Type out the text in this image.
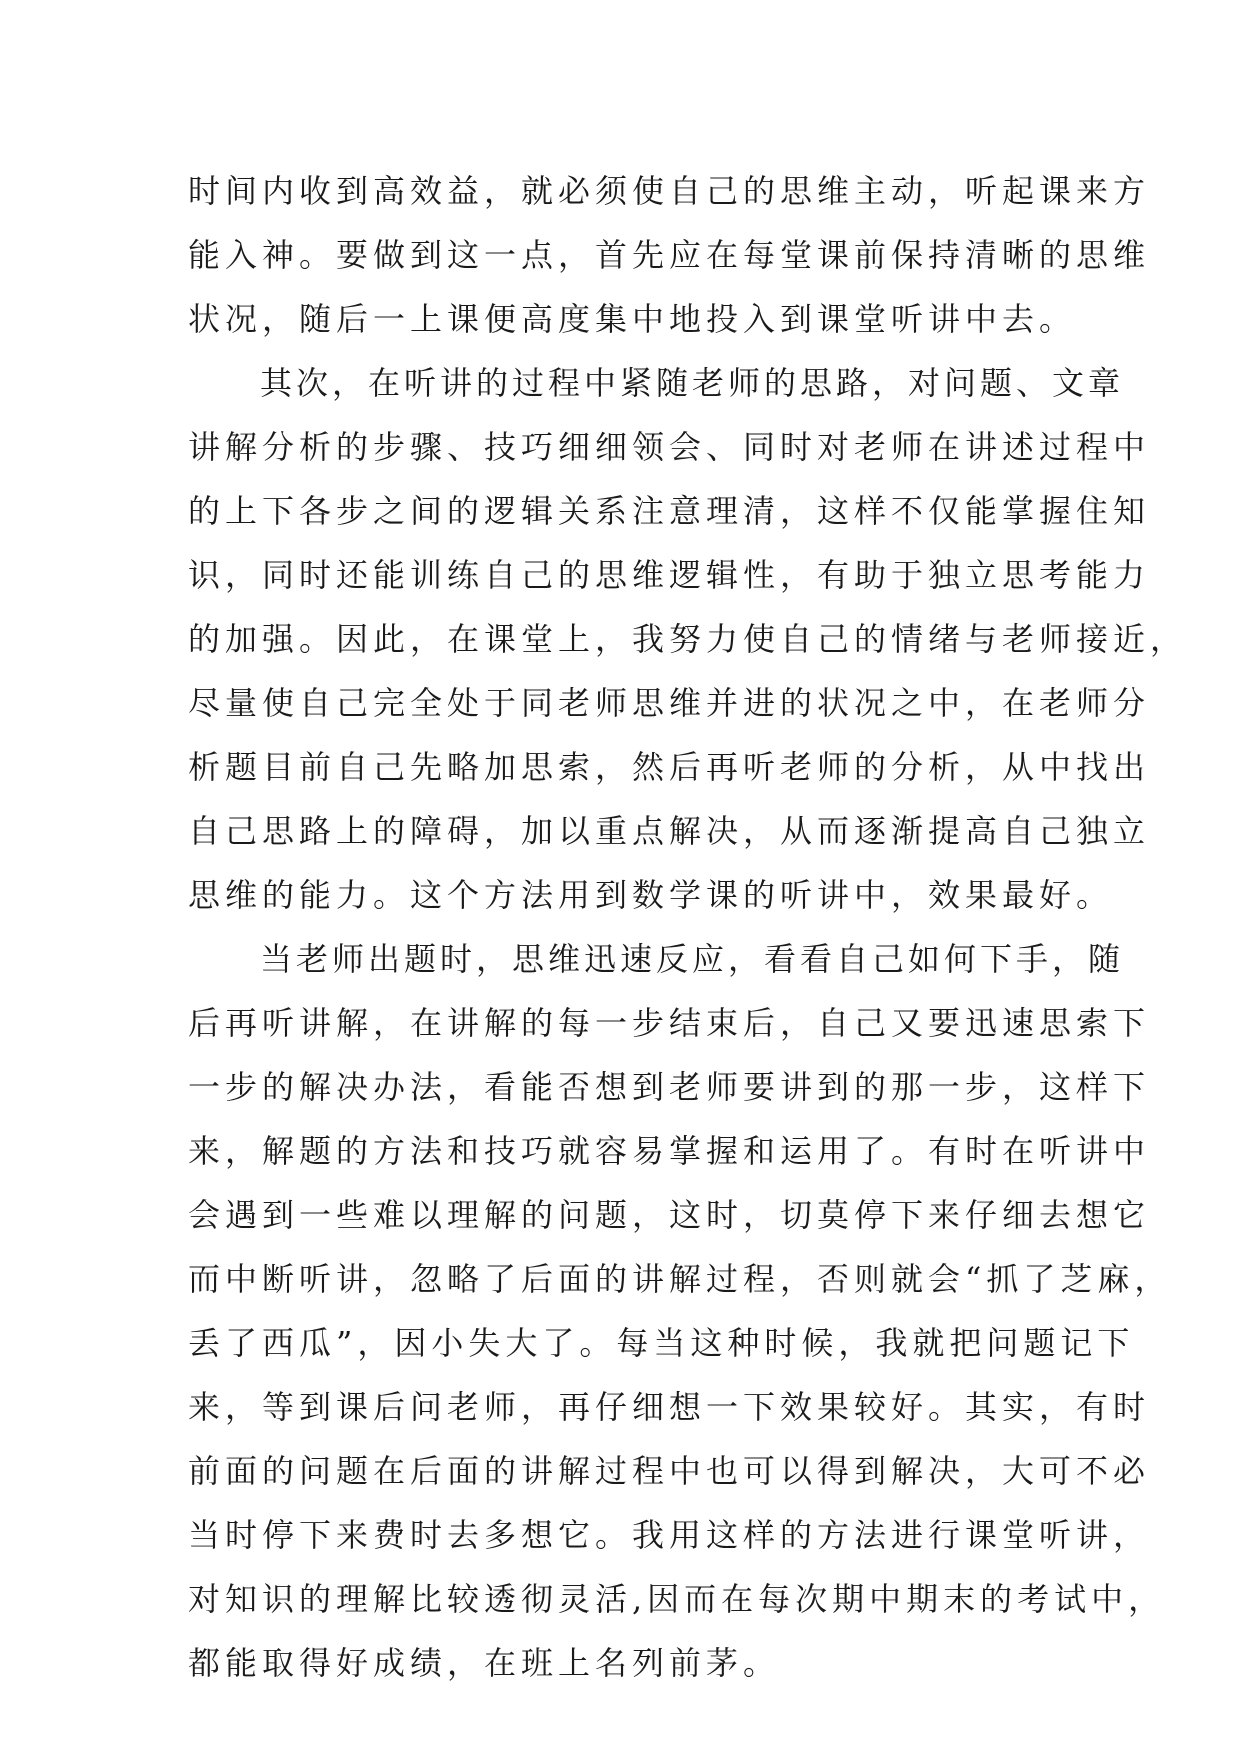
时间内收到高效益，就必须使自己的思维主动，听起课来方
能入神。要做到这一点，首先应在每堂课前保持清晰的思维
状况，随后一上课便高度集中地投入到课堂听讲中去。
　　其次，在听讲的过程中紧随老师的思路，对问题、文章
讲解分析的步骤、技巧细细领会、同时对老师在讲述过程中
的上下各步之间的逻辑关系注意理清，这样不仅能掌握住知
识，同时还能训练自己的思维逻辑性，有助于独立思考能力
的加强。因此，在课堂上，我努力使自己的情绪与老师接近，
尽量使自己完全处于同老师思维并进的状况之中，在老师分
析题目前自己先略加思索，然后再听老师的分析，从中找出
自己思路上的障碍，加以重点解决，从而逐渐提高自己独立
思维的能力。这个方法用到数学课的听讲中，效果最好。
　　当老师出题时，思维迅速反应，看看自己如何下手，随
后再听讲解，在讲解的每一步结束后，自己又要迅速思索下
一步的解决办法，看能否想到老师要讲到的那一步，这样下
来，解题的方法和技巧就容易掌握和运用了。有时在听讲中
会遇到一些难以理解的问题，这时，切莫停下来仔细去想它
而中断听讲，忽略了后面的讲解过程，否则就会“抓了芝麻，
丢了西瓜”，因小失大了。每当这种时候，我就把问题记下
来，等到课后问老师，再仔细想一下效果较好。其实，有时
前面的问题在后面的讲解过程中也可以得到解决，大可不必
当时停下来费时去多想它。我用这样的方法进行课堂听讲，
对知识的理解比较透彻灵活,因而在每次期中期末的考试中，
都能取得好成绩，在班上名列前茅。
